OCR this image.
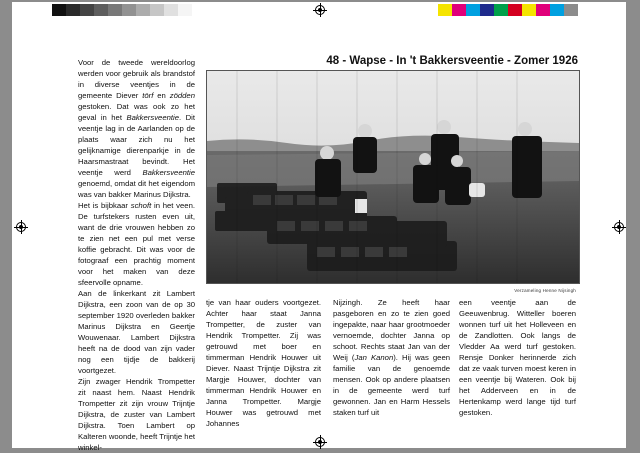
48 - Wapse - In 't Bakkersveentie - Zomer 1926
Verzameling Henne Nijsingh

Voor de tweede wereldoorlog werden voor gebruik als brandstof in diverse veentjes in de gemeente Diever törf en zödden gestoken. Dat was ook zo het geval in het Bakkersveentie. Dit veentje lag in de Aarlanden op de plaats waar zich nu het gelijknamige dierenparkje in de Haarsmastraat bevindt. Het veentje werd Bakkersveentie genoemd, omdat dit het eigendom was van bakker Marinus Dijkstra.

Het is bijbkaar schoft in het veen. De turfstekers rusten even uit, want de drie vrouwen hebben zo te zien net een pul met verse koffie gebracht. Dit was voor de fotograaf een prachtig moment voor het maken van deze sfeervolle opname.

Aan de linkerkant zit Lambert Dijkstra, een zoon van de op 30 september 1920 overleden bakker Marinus Dijkstra en Geertje Wouwenaar. Lambert Dijkstra heeft na de dood van zijn vader nog een tijdje de bakkerij voortgezet.

Zijn zwager Hendrik Trompetter zit naast hem. Naast Hendrik Trompetter zit zijn vrouw Trijntje Dijkstra, de zuster van Lambert Dijkstra. Toen Lambert op Kalteren woonde, heeft Trijntje het winkel-

tje van haar ouders voortgezet. Achter haar staat Janna Trompetter, de zuster van Hendrik Trompetter. Zij was getrouwd met boer en timmerman Hendrik Houwer uit Diever. Naast Trijntje Dijkstra zit Margje Houwer, dochter van timmerman Hendrik Houwer en Janna Trompetter. Margje Houwer was getrouwd met Johannes

Nijzingh. Ze heeft haar pasgeboren en zo te zien goed ingepakte, naar haar grootmoeder vernoemde, dochter Janna op schoot. Rechts staat Jan van der Weij (Jan Kanon). Hij was geen familie van de genoemde mensen. Ook op andere plaatsen in de gemeente werd turf gewonnen. Jan en Harm Hessels staken turf uit

een veentje aan de Geeuwenbrug. Witteller boeren wonnen turf uit het Holleveen en de Zandlotten. Ook langs de Vledder Aa werd turf gestoken. Rensje Donker herinnerde zich dat ze vaak turven moest keren in een veentje bij Wateren. Ook bij het Adderveen en in de Hertenkamp werd lange tijd turf gestoken.
